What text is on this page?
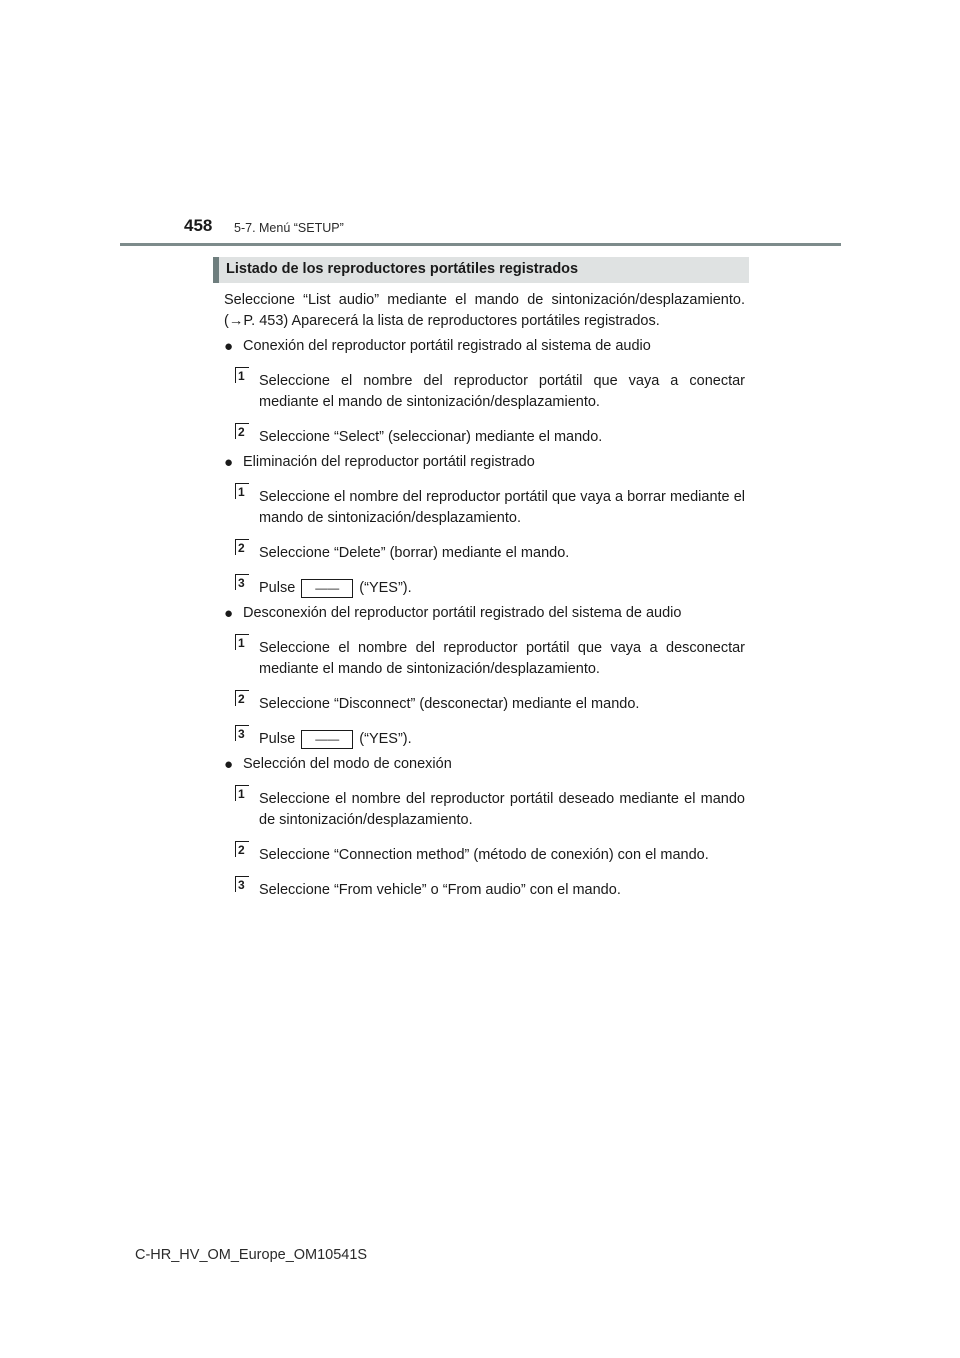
458 5-7. Menú “SETUP”
Listado de los reproductores portátiles registrados

Seleccione “List audio” mediante el mando de sintonización/desplazamiento. (→P. 453) Aparecerá la lista de reproductores portátiles registrados.

● Conexión del reproductor portátil registrado al sistema de audio
1 Seleccione el nombre del reproductor portátil que vaya a conectar mediante el mando de sintonización/desplazamiento.
2 Seleccione “Select” (seleccionar) mediante el mando.
● Eliminación del reproductor portátil registrado
1 Seleccione el nombre del reproductor portátil que vaya a borrar mediante el mando de sintonización/desplazamiento.
2 Seleccione “Delete” (borrar) mediante el mando.
3 Pulse —— (“YES”).
● Desconexión del reproductor portátil registrado del sistema de audio
1 Seleccione el nombre del reproductor portátil que vaya a desconectar mediante el mando de sintonización/desplazamiento.
2 Seleccione “Disconnect” (desconectar) mediante el mando.
3 Pulse —— (“YES”).
● Selección del modo de conexión
1 Seleccione el nombre del reproductor portátil deseado mediante el mando de sintonización/desplazamiento.
2 Seleccione “Connection method” (método de conexión) con el mando.
3 Seleccione “From vehicle” o “From audio” con el mando.
C-HR_HV_OM_Europe_OM10541S
